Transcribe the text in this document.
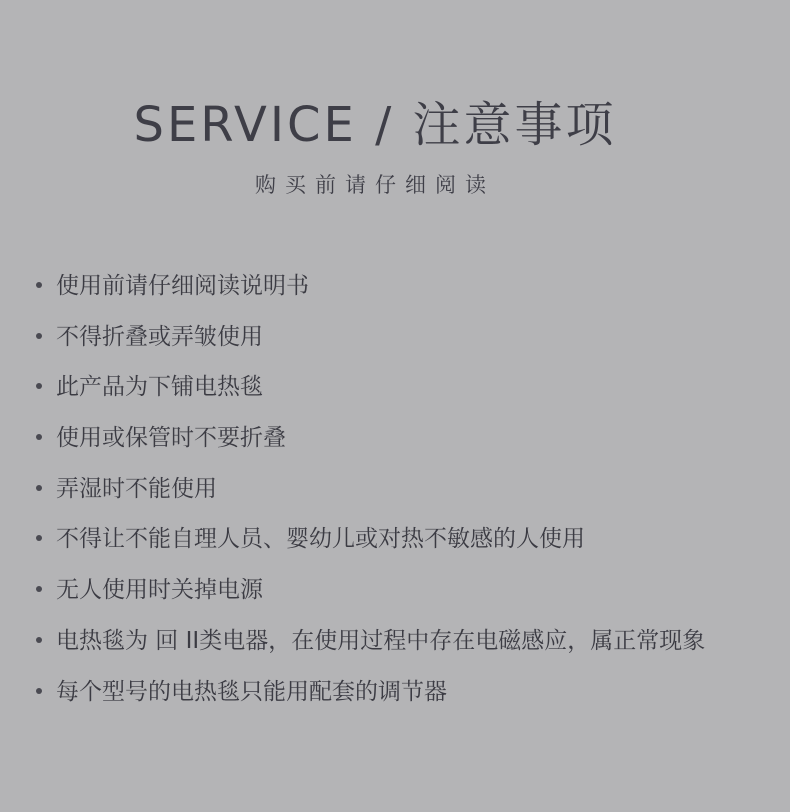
SERVICE / 注意事项
购买前请仔细阅读
使用前请仔细阅读说明书
不得折叠或弄皱使用
此产品为下铺电热毯
使用或保管时不要折叠
弄湿时不能使用
不得让不能自理人员、婴幼儿或对热不敏感的人使用
无人使用时关掉电源
电热毯为 回 II类电器，在使用过程中存在电磁感应，属正常现象
每个型号的电热毯只能用配套的调节器
